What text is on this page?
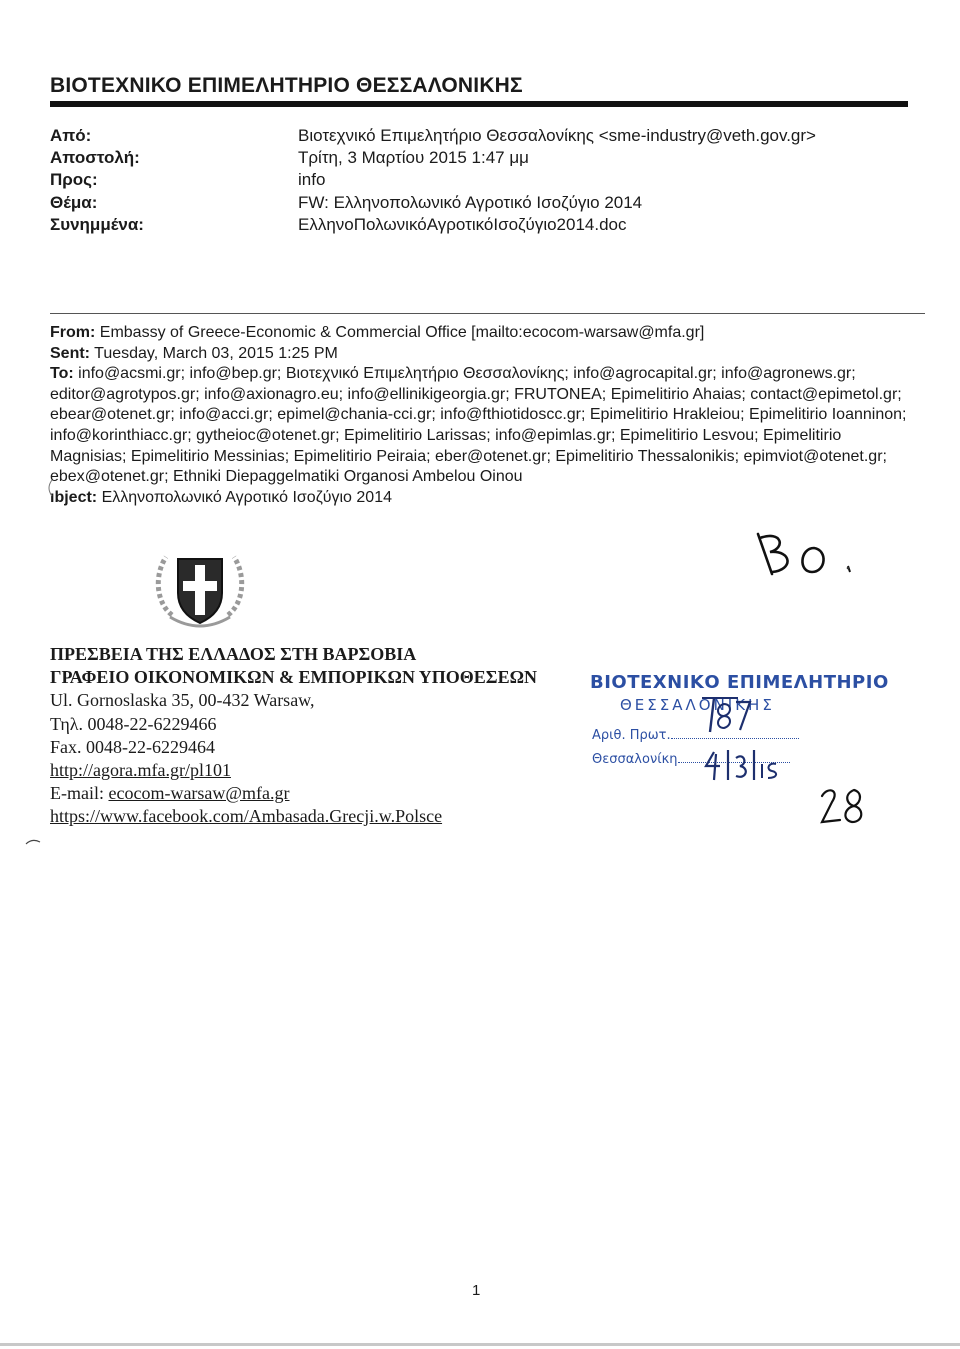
ΒΙΟΤΕΧΝΙΚΟ ΕΠΙΜΕΛΗΤΗΡΙΟ ΘΕΣΣΑΛΟΝΙΚΗΣ
Από:	Βιοτεχνικό Επιμελητήριο Θεσσαλονίκης <sme-industry@veth.gov.gr>
Αποστολή:	Τρίτη, 3 Μαρτίου 2015 1:47 μμ
Προς:	info
Θέμα:	FW: Ελληνοπολωνικό Αγροτικό Ισοζύγιο 2014
Συνημμένα:	ΕλληνοΠολωνικόΑγροτικόΙσοζύγιο2014.doc
From: Embassy of Greece-Economic & Commercial Office [mailto:ecocom-warsaw@mfa.gr]
Sent: Tuesday, March 03, 2015 1:25 PM
To: info@acsmi.gr; info@bep.gr; Βιοτεχνικό Επιμελητήριο Θεσσαλονίκης; info@agrocapital.gr; info@agronews.gr;
editor@agrotypos.gr; info@axionagro.eu; info@ellinikigeorgia.gr; FRUTONEA; Epimelitirio Ahaias; contact@epimetol.gr;
ebear@otenet.gr; info@acci.gr; epimel@chania-cci.gr; info@fthiotidoscc.gr; Epimelitirio Hrakleiou; Epimelitirio Ioanninon;
info@korinthiacc.gr; gytheioc@otenet.gr; Epimelitirio Larissas; info@epimlas.gr; Epimelitirio Lesvou; Epimelitirio
Magnisias; Epimelitirio Messinias; Epimelitirio Peiraia; eber@otenet.gr; Epimelitirio Thessalonikis; epimviot@otenet.gr;
ebex@otenet.gr; Ethniki Diepaggelmatiki Organosi Ambelou Oinou
ıbject: Ελληνοπολωνικό Αγροτικό Ισοζύγιο 2014
ΠΡΕΣΒΕΙΑ ΤΗΣ ΕΛΛΑΔΟΣ ΣΤΗ ΒΑΡΣΟΒΙΑ
ΓΡΑΦΕΙΟ ΟΙΚΟΝΟΜΙΚΩΝ & ΕΜΠΟΡΙΚΩΝ ΥΠΟΘΕΣΕΩΝ
Ul. Gornoslaska 35, 00-432 Warsaw,
Τηλ. 0048-22-6229466
Fax. 0048-22-6229464
http://agora.mfa.gr/pl101
E-mail: ecocom-warsaw@mfa.gr
https://www.facebook.com/Ambasada.Grecji.w.Polsce
ΒΙΟΤΕΧΝΙΚΟ ΕΠΙΜΕΛΗΤΗΡΙΟ
ΘΕΣΣΑΛΟΝΙΚΗΣ
Αριθ. Πρωτ.
Θεσσαλονίκη
1
